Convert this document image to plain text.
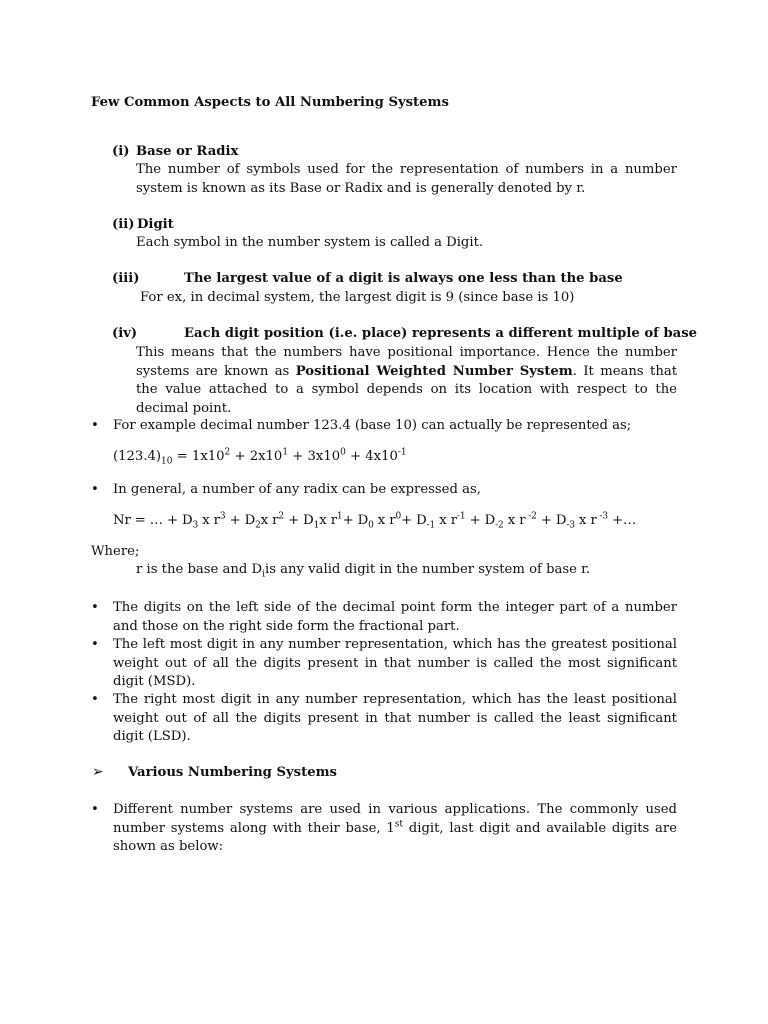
Few Common Aspects to All Numbering Systems
(i) Base or Radix
The number of symbols used for the representation of numbers in a number system is known as its Base or Radix and is generally denoted by r.
(ii) Digit
Each symbol in the number system is called a Digit.
(iii)	The largest value of a digit is always one less than the base
For ex, in decimal system, the largest digit is 9 (since base is 10)
(iv)	Each digit position (i.e. place) represents a different multiple of base
This means that the numbers have positional importance. Hence the number systems are known as Positional Weighted Number System. It means that the value attached to a symbol depends on its location with respect to the decimal point.
• For example decimal number 123.4 (base 10) can actually be represented as;
$(123.4)_{10} = 1x10^2 + 2x10^1 + 3x10^0 + 4x10^{-1}$
• In general, a number of any radix can be expressed as,
Nr = … + $D_3$ x $r^3 + D_2x$ $r^2 + D_1x$ $r^1+ D_0$ x $r^0+ D_{-1}$ x $r^{-1} + D_{-2}$ x r $^{-2} + D_{-3}$ x r $^{-3}$ +…
Where;
r is the base and $D_iis$ any valid digit in the number system of base r.
• The digits on the left side of the decimal point form the integer part of a number and those on the right side form the fractional part.
• The left most digit in any number representation, which has the greatest positional weight out of all the digits present in that number is called the most significant digit (MSD).
• The right most digit in any number representation, which has the least positional weight out of all the digits present in that number is called the least significant digit (LSD).
➢ Various Numbering Systems
• Different number systems are used in various applications. The commonly used number systems along with their base, 1st digit, last digit and available digits are shown as below:
